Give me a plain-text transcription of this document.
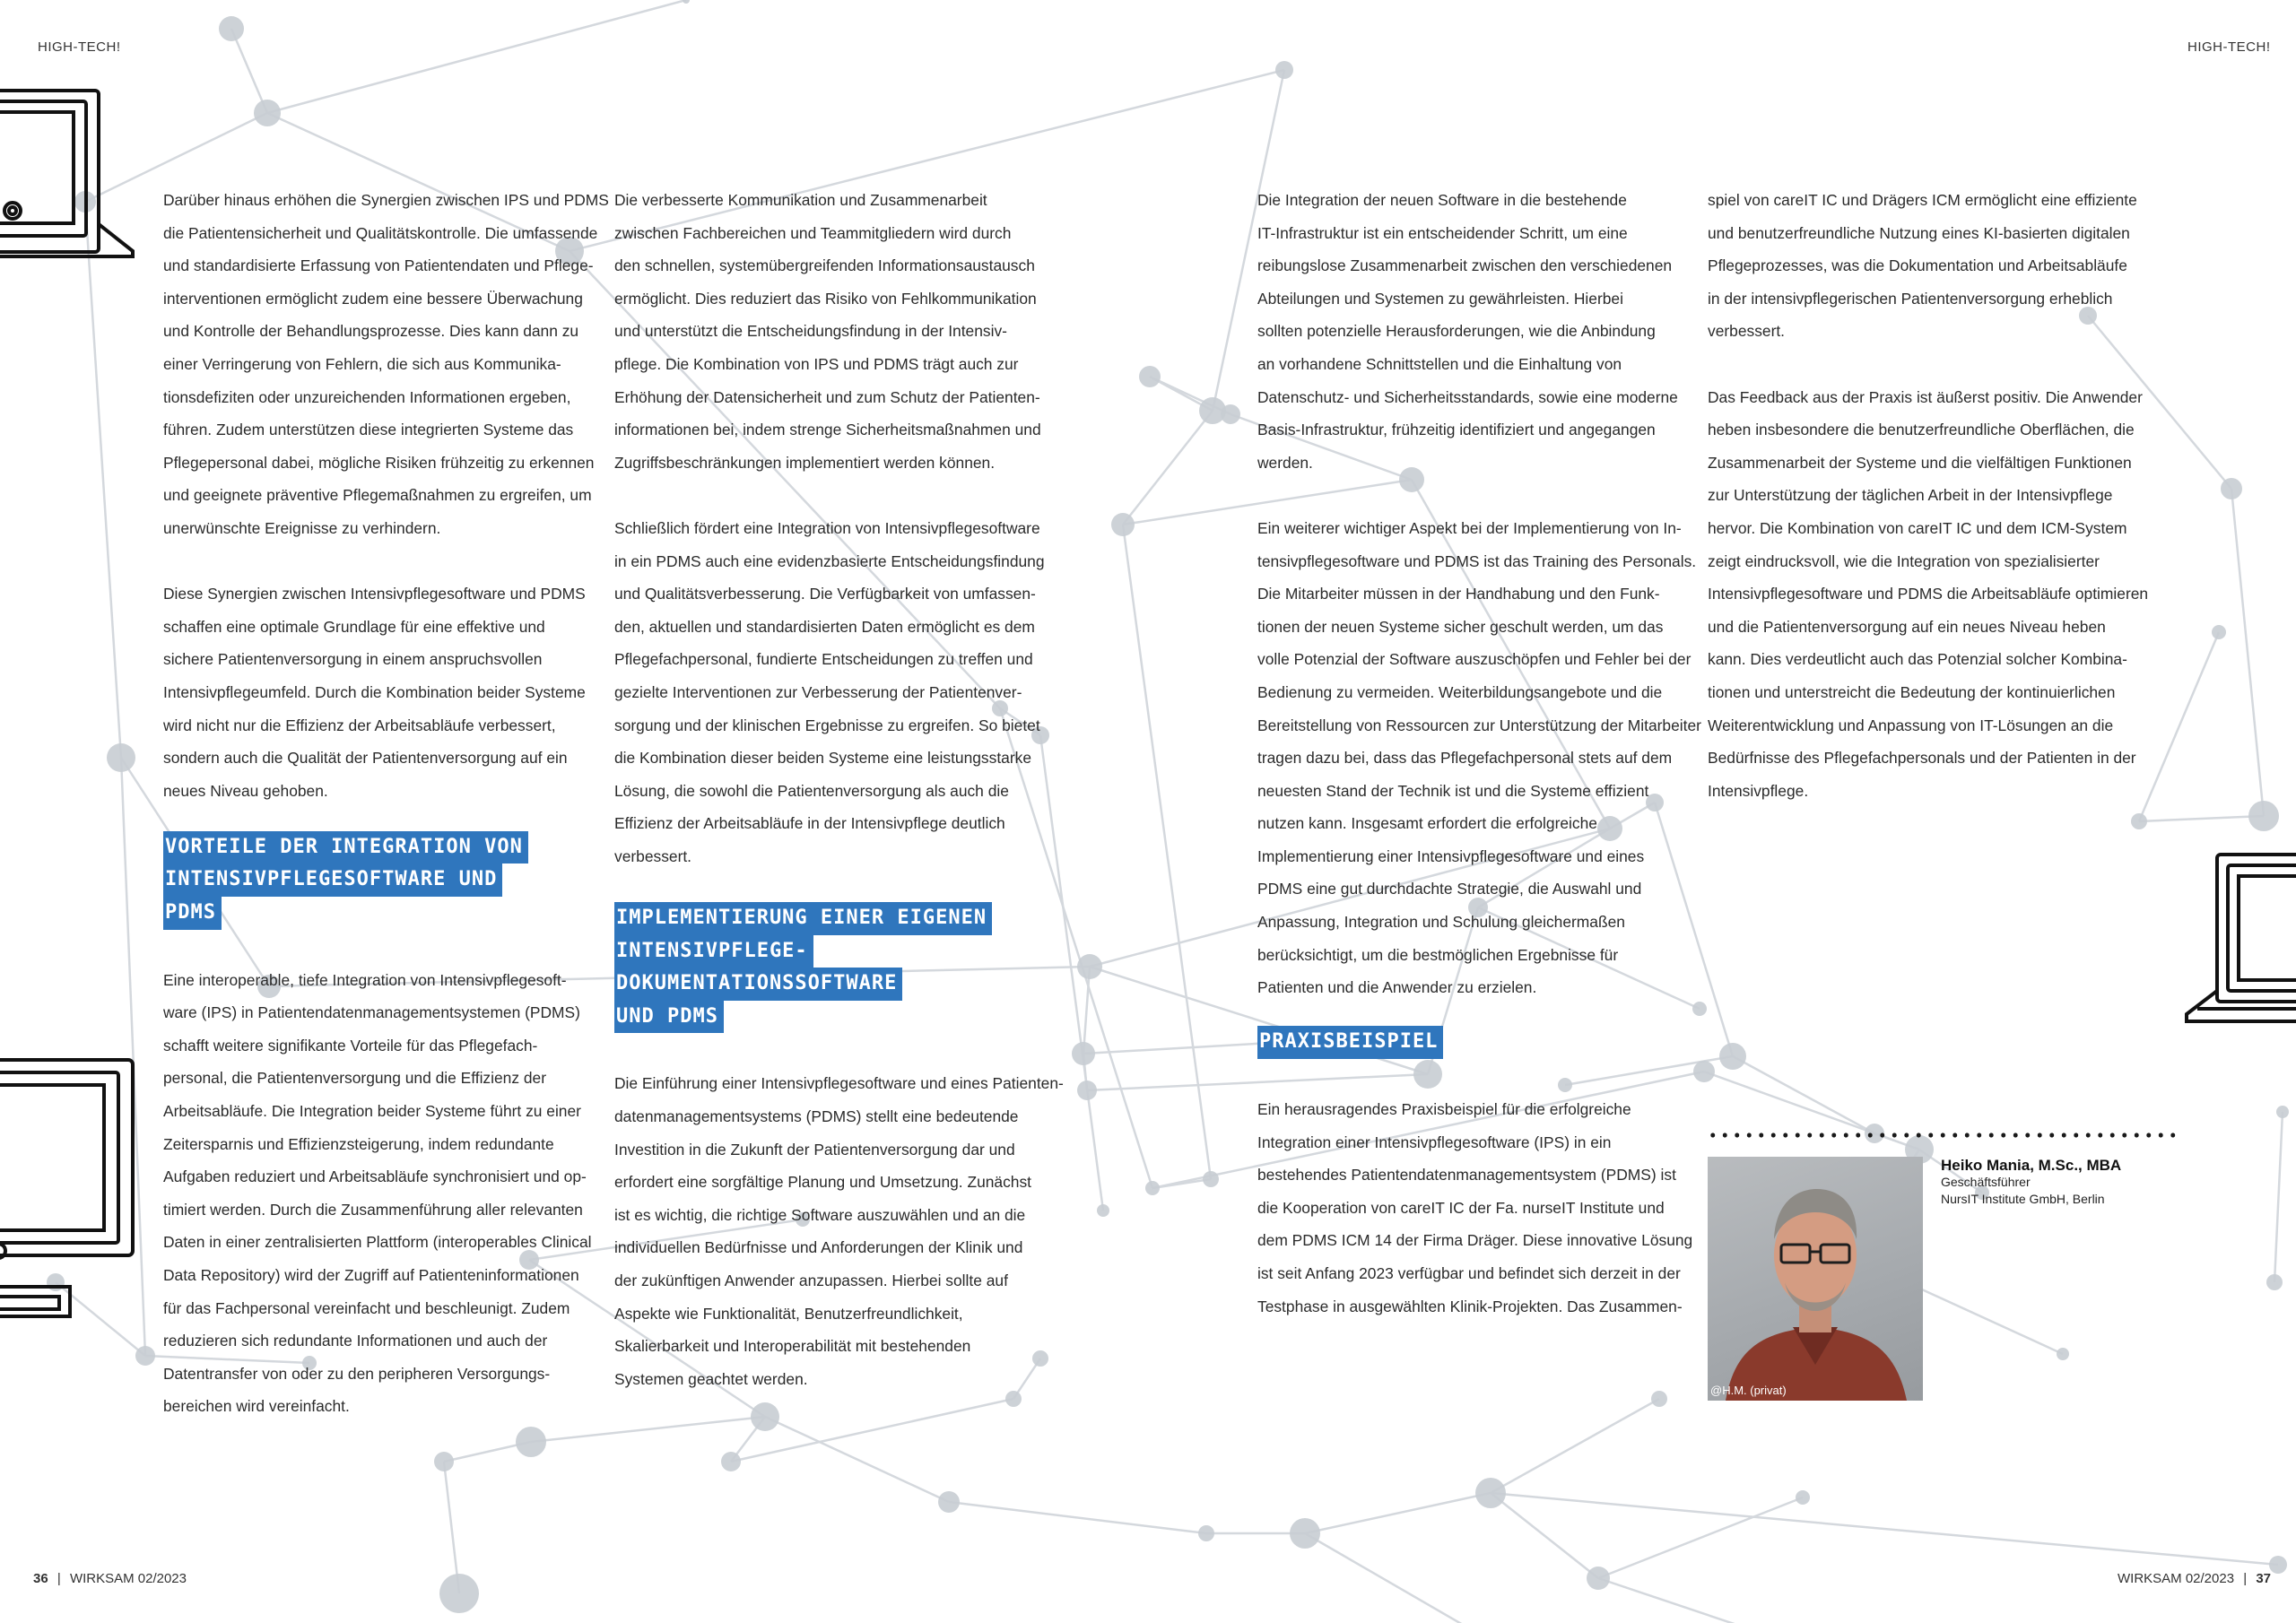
HIGH-TECH!	HIGH-TECH!

Darüber hinaus erhöhen die Synergien zwischen IPS und PDMS
die Patientensicherheit und Qualitätskontrolle. Die umfassende
und standardisierte Erfassung von Patientendaten und Pflege-
interventionen ermöglicht zudem eine bessere Überwachung
und Kontrolle der Behandlungsprozesse. Dies kann dann zu
einer Verringerung von Fehlern, die sich aus Kommunika-
tionsdefiziten oder unzureichenden Informationen ergeben,
führen. Zudem unterstützen diese integrierten Systeme das
Pflegepersonal dabei, mögliche Risiken frühzeitig zu erkennen
und geeignete präventive Pflegemaßnahmen zu ergreifen, um
unerwünschte Ereignisse zu verhindern.

Diese Synergien zwischen Intensivpflegesoftware und PDMS
schaffen eine optimale Grundlage für eine effektive und
sichere Patientenversorgung in einem anspruchsvollen
Intensivpflegeumfeld. Durch die Kombination beider Systeme
wird nicht nur die Effizienz der Arbeitsabläufe verbessert,
sondern auch die Qualität der Patientenversorgung auf ein
neues Niveau gehoben.

VORTEILE DER INTEGRATION VON
INTENSIVPFLEGESOFTWARE UND
PDMS

Eine interoperable, tiefe Integration von Intensivpflegesoft-
ware (IPS) in Patientendatenmanagementsystemen (PDMS)
schafft weitere signifikante Vorteile für das Pflegefach-
personal, die Patientenversorgung und die Effizienz der
Arbeitsabläufe. Die Integration beider Systeme führt zu einer
Zeitersparnis und Effizienzsteigerung, indem redundante
Aufgaben reduziert und Arbeitsabläufe synchronisiert und op-
timiert werden. Durch die Zusammenführung aller relevanten
Daten in einer zentralisierten Plattform (interoperables Clinical
Data Repository) wird der Zugriff auf Patienteninformationen
für das Fachpersonal vereinfacht und beschleunigt. Zudem
reduzieren sich redundante Informationen und auch der
Datentransfer von oder zu den peripheren Versorgungs-
bereichen wird vereinfacht.

Die verbesserte Kommunikation und Zusammenarbeit
zwischen Fachbereichen und Teammitgliedern wird durch
den schnellen, systemübergreifenden Informationsaustausch
ermöglicht. Dies reduziert das Risiko von Fehlkommunikation
und unterstützt die Entscheidungsfindung in der Intensiv-
pflege. Die Kombination von IPS und PDMS trägt auch zur
Erhöhung der Datensicherheit und zum Schutz der Patienten-
informationen bei, indem strenge Sicherheitsmaßnahmen und
Zugriffsbeschränkungen implementiert werden können.

Schließlich fördert eine Integration von Intensivpflegesoftware
in ein PDMS auch eine evidenzbasierte Entscheidungsfindung
und Qualitätsverbesserung. Die Verfügbarkeit von umfassen-
den, aktuellen und standardisierten Daten ermöglicht es dem
Pflegefachpersonal, fundierte Entscheidungen zu treffen und
gezielte Interventionen zur Verbesserung der Patientenver-
sorgung und der klinischen Ergebnisse zu ergreifen. So bietet
die Kombination dieser beiden Systeme eine leistungsstarke
Lösung, die sowohl die Patientenversorgung als auch die
Effizienz der Arbeitsabläufe in der Intensivpflege deutlich
verbessert.

IMPLEMENTIERUNG EINER EIGENEN
INTENSIVPFLEGE-
DOKUMENTATIONSSOFTWARE
UND PDMS

Die Einführung einer Intensivpflegesoftware und eines Patienten-
datenmanagementsystems (PDMS) stellt eine bedeutende
Investition in die Zukunft der Patientenversorgung dar und
erfordert eine sorgfältige Planung und Umsetzung. Zunächst
ist es wichtig, die richtige Software auszuwählen und an die
individuellen Bedürfnisse und Anforderungen der Klinik und
der zukünftigen Anwender anzupassen. Hierbei sollte auf
Aspekte wie Funktionalität, Benutzerfreundlichkeit,
Skalierbarkeit und Interoperabilität mit bestehenden
Systemen geachtet werden.

Die Integration der neuen Software in die bestehende
IT-Infrastruktur ist ein entscheidender Schritt, um eine
reibungslose Zusammenarbeit zwischen den verschiedenen
Abteilungen und Systemen zu gewährleisten. Hierbei
sollten potenzielle Herausforderungen, wie die Anbindung
an vorhandene Schnittstellen und die Einhaltung von
Datenschutz- und Sicherheitsstandards, sowie eine moderne
Basis-Infrastruktur, frühzeitig identifiziert und angegangen
werden.

Ein weiterer wichtiger Aspekt bei der Implementierung von In-
tensivpflegesoftware und PDMS ist das Training des Personals.
Die Mitarbeiter müssen in der Handhabung und den Funk-
tionen der neuen Systeme sicher geschult werden, um das
volle Potenzial der Software auszuschöpfen und Fehler bei der
Bedienung zu vermeiden. Weiterbildungsangebote und die
Bereitstellung von Ressourcen zur Unterstützung der Mitarbeiter
tragen dazu bei, dass das Pflegefachpersonal stets auf dem
neuesten Stand der Technik ist und die Systeme effizient
nutzen kann. Insgesamt erfordert die erfolgreiche
Implementierung einer Intensivpflegesoftware und eines
PDMS eine gut durchdachte Strategie, die Auswahl und
Anpassung, Integration und Schulung gleichermaßen
berücksichtigt, um die bestmöglichen Ergebnisse für
Patienten und die Anwender zu erzielen.

PRAXISBEISPIEL

Ein herausragendes Praxisbeispiel für die erfolgreiche
Integration einer Intensivpflegesoftware (IPS) in ein
bestehendes Patientendatenmanagementsystem (PDMS) ist
die Kooperation von careIT IC der Fa. nurseIT Institute und
dem PDMS ICM 14 der Firma Dräger. Diese innovative Lösung
ist seit Anfang 2023 verfügbar und befindet sich derzeit in der
Testphase in ausgewählten Klinik-Projekten. Das Zusammen-

spiel von careIT IC und Drägers ICM ermöglicht eine effiziente
und benutzerfreundliche Nutzung eines KI-basierten digitalen
Pflegeprozesses, was die Dokumentation und Arbeitsabläufe
in der intensivpflegerischen Patientenversorgung erheblich
verbessert.

Das Feedback aus der Praxis ist äußerst positiv. Die Anwender
heben insbesondere die benutzerfreundliche Oberflächen, die
Zusammenarbeit der Systeme und die vielfältigen Funktionen
zur Unterstützung der täglichen Arbeit in der Intensivpflege
hervor. Die Kombination von careIT IC und dem ICM-System
zeigt eindrucksvoll, wie die Integration von spezialisierter
Intensivpflegesoftware und PDMS die Arbeitsabläufe optimieren
und die Patientenversorgung auf ein neues Niveau heben
kann. Dies verdeutlicht auch das Potenzial solcher Kombina-
tionen und unterstreicht die Bedeutung der kontinuierlichen
Weiterentwicklung und Anpassung von IT-Lösungen an die
Bedürfnisse des Pflegefachpersonals und der Patienten in der
Intensivpflege.

@H.M. (privat)
Heiko Mania, M.Sc., MBA
Geschäftsführer
NursIT Institute GmbH, Berlin
36 | WIRKSAM 02/2023	WIRKSAM 02/2023 | 37
